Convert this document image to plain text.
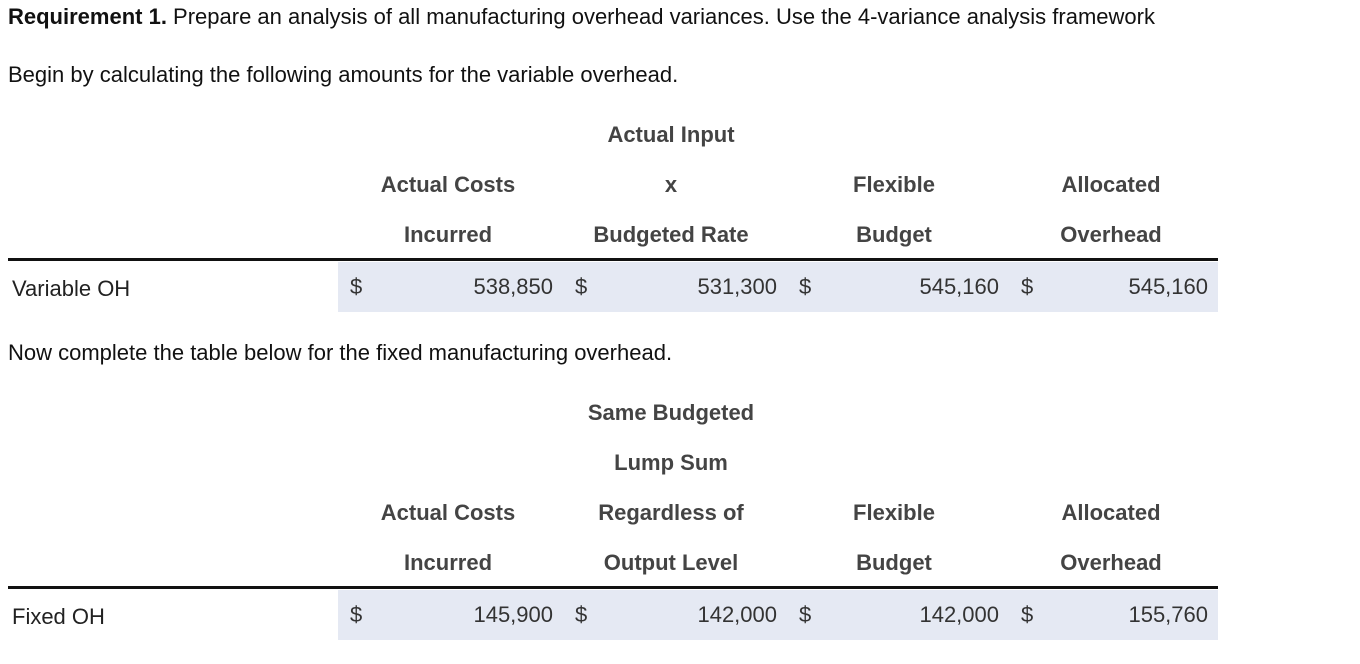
Requirement 1. Prepare an analysis of all manufacturing overhead variances. Use the 4-variance analysis framework
Begin by calculating the following amounts for the variable overhead.
Actual Input
Actual Costs	x	Flexible	Allocated
Incurred	Budgeted Rate	Budget	Overhead
Variable OH	$	538,850 $	531,300 $	545,160 $	545,160
Now complete the table below for the fixed manufacturing overhead.
Same Budgeted
Lump Sum
Actual Costs	Regardless of	Flexible	Allocated
Incurred	Output Level	Budget	Overhead
Fixed OH	$	145,900 $	142,000 $	142,000 $	155,760
